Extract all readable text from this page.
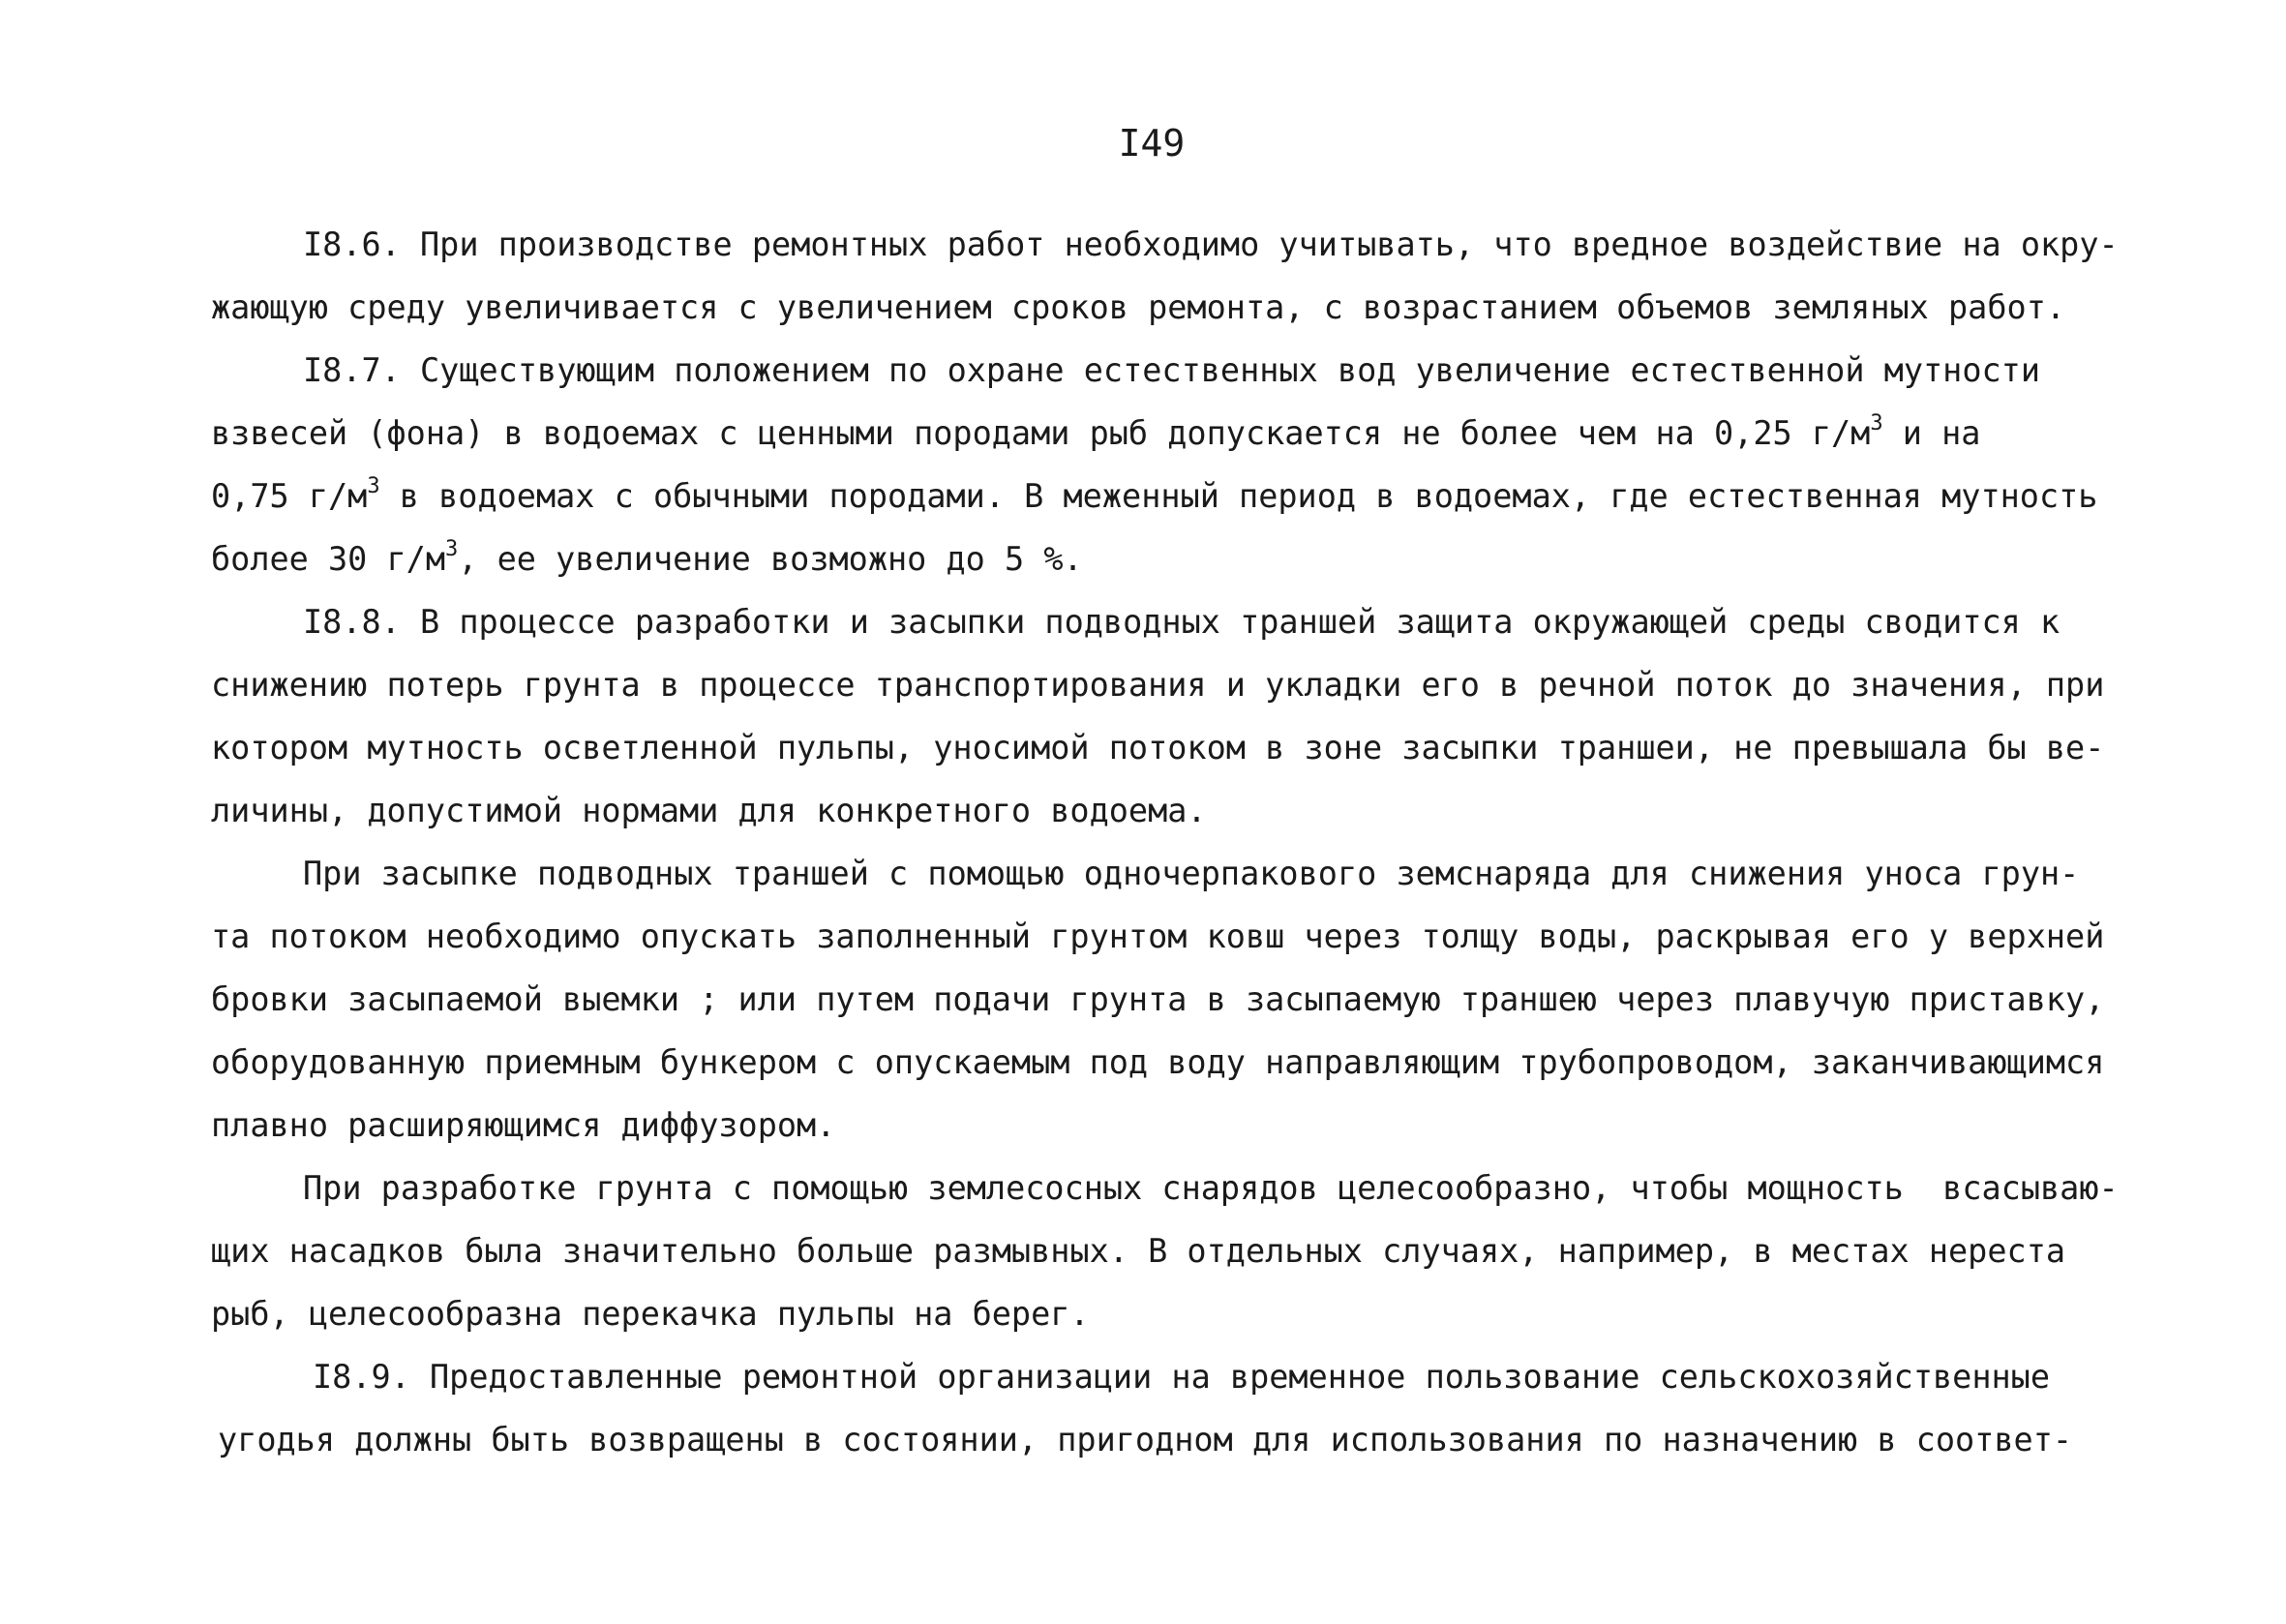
I49
I8.6. При производстве ремонтных работ необходимо учитывать, что вредное воздействие на окру-
жающую среду увеличивается с увеличением сроков ремонта, с возрастанием объемов земляных работ.
I8.7. Существующим положением по охране естественных вод увеличение естественной мутности
взвесей (фона) в водоемах с ценными породами рыб допускается не более чем на 0,25 $г/м^3$ и на
0,75 $г/м^3$ в водоемах с обычными породами. В меженный период в водоемах, где естественная мутность
более 30 $г/м^3$, ее увеличение возможно до 5 %.
I8.8. В процессе разработки и засыпки подводных траншей защита окружающей среды сводится к
снижению потерь грунта в процессе транспортирования и укладки его в речной поток до значения, при
котором мутность осветленной пульпы, уносимой потоком в зоне засыпки траншеи, не превышала бы ве-
личины, допустимой нормами для конкретного водоема.
При засыпке подводных траншей с помощью одночерпакового земснаряда для снижения уноса грун-
та потоком необходимо опускать заполненный грунтом ковш через толщу воды, раскрывая его у верхней
бровки засыпаемой выемки ; или путем подачи грунта в засыпаемую траншею через плавучую приставку,
оборудованную приемным бункером с опускаемым под воду направляющим трубопроводом, заканчивающимся
плавно расширяющимся диффузором.
При разработке грунта с помощью землесосных снарядов целесообразно, чтобы мощность  всасываю-
щих насадков была значительно больше размывных. В отдельных случаях, например, в местах нереста
рыб, целесообразна перекачка пульпы на берег.
I8.9. Предоставленные ремонтной организации на временное пользование сельскохозяйственные
угодья должны быть возвращены в состоянии, пригодном для использования по назначению в соответ-
